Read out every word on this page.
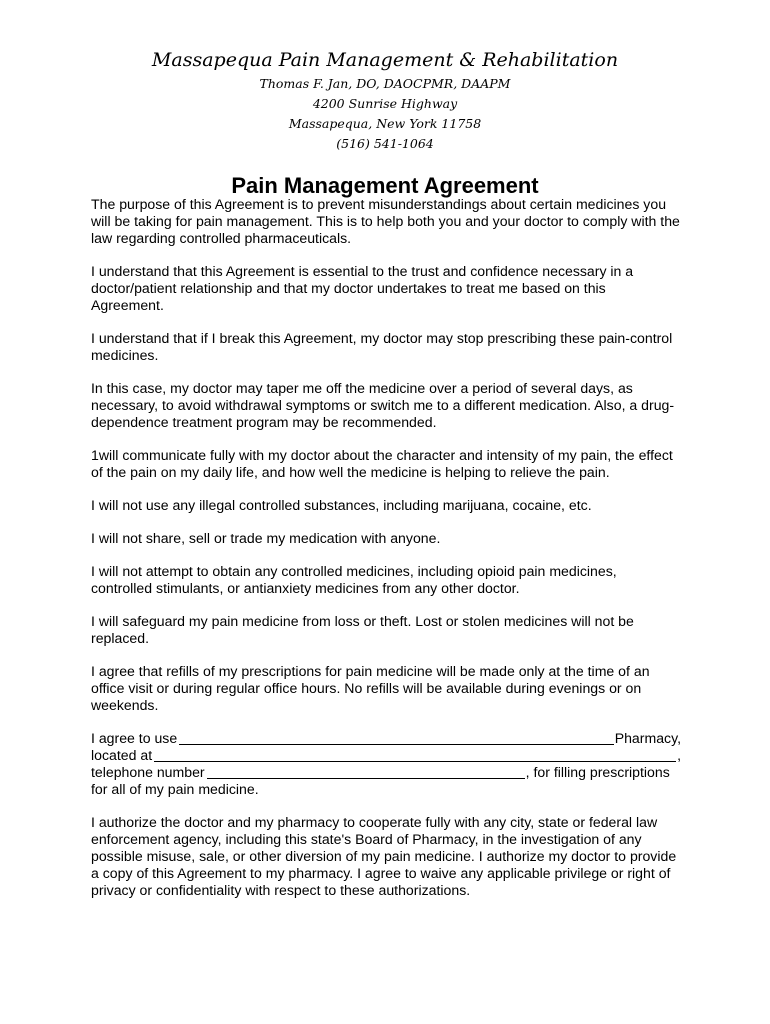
Massapequa Pain Management & Rehabilitation

Thomas F. Jan, DO, DAOCPMR, DAAPM

4200 Sunrise Highway

Massapequa, New York 11758

(516) 541-1064

Pain Management Agreement

The purpose of this Agreement is to prevent misunderstandings about certain medicines you will be taking for pain management. This is to help both you and your doctor to comply with the law regarding controlled pharmaceuticals.

I understand that this Agreement is essential to the trust and confidence necessary in a doctor/patient relationship and that my doctor undertakes to treat me based on this Agreement.

I understand that if I break this Agreement, my doctor may stop prescribing these pain-control medicines.

In this case, my doctor may taper me off the medicine over a period of several days, as necessary, to avoid withdrawal symptoms or switch me to a different medication. Also, a drug-dependence treatment program may be recommended.

1will communicate fully with my doctor about the character and intensity of my pain, the effect of the pain on my daily life, and how well the medicine is helping to relieve the pain.

I will not use any illegal controlled substances, including marijuana, cocaine, etc.

I will not share, sell or trade my medication with anyone.

I will not attempt to obtain any controlled medicines, including opioid pain medicines, controlled stimulants, or antianxiety medicines from any other doctor.

I will safeguard my pain medicine from loss or theft. Lost or stolen medicines will not be replaced.

I agree that refills of my prescriptions for pain medicine will be made only at the time of an office visit or during regular office hours. No refills will be available during evenings or on weekends.

I agree to use	Pharmacy,
located at	,
telephone number	, for filling prescriptions
for all of my pain medicine.

I authorize the doctor and my pharmacy to cooperate fully with any city, state or federal law enforcement agency, including this state's Board of Pharmacy, in the investigation of any possible misuse, sale, or other diversion of my pain medicine. I authorize my doctor to provide a copy of this Agreement to my pharmacy. I agree to waive any applicable privilege or right of privacy or confidentiality with respect to these authorizations.
